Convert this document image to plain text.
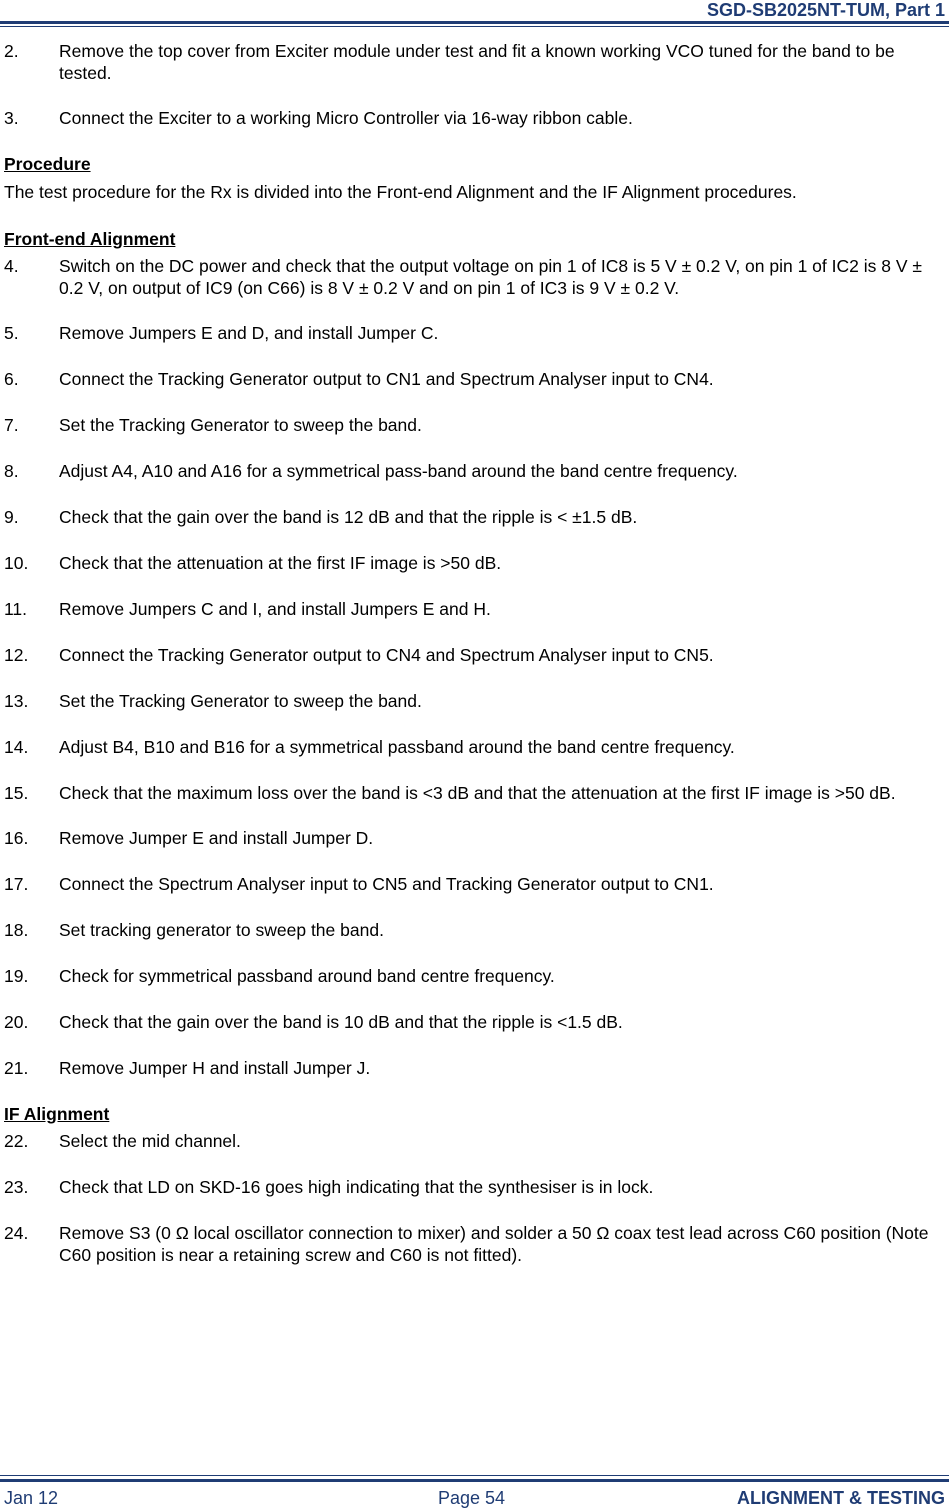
SGD-SB2025NT-TUM, Part 1
2. Remove the top cover from Exciter module under test and fit a known working VCO tuned for the band to be tested.
3. Connect the Exciter to a working Micro Controller via 16-way ribbon cable.
Procedure
The test procedure for the Rx is divided into the Front-end Alignment and the IF Alignment procedures.
Front-end Alignment
4. Switch on the DC power and check that the output voltage on pin 1 of IC8 is 5 V ± 0.2 V, on pin 1 of IC2 is 8 V ± 0.2 V, on output of IC9 (on C66) is 8 V ± 0.2 V and on pin 1 of IC3 is 9 V ± 0.2 V.
5. Remove Jumpers E and D, and install Jumper C.
6. Connect the Tracking Generator output to CN1 and Spectrum Analyser input to CN4.
7. Set the Tracking Generator to sweep the band.
8. Adjust A4, A10 and A16 for a symmetrical pass-band around the band centre frequency.
9. Check that the gain over the band is 12 dB and that the ripple is < ±1.5 dB.
10. Check that the attenuation at the first IF image is >50 dB.
11. Remove Jumpers C and I, and install Jumpers E and H.
12. Connect the Tracking Generator output to CN4 and Spectrum Analyser input to CN5.
13. Set the Tracking Generator to sweep the band.
14. Adjust B4, B10 and B16 for a symmetrical passband around the band centre frequency.
15. Check that the maximum loss over the band is <3 dB and that the attenuation at the first IF image is >50 dB.
16. Remove Jumper E and install Jumper D.
17. Connect the Spectrum Analyser input to CN5 and Tracking Generator output to CN1.
18. Set tracking generator to sweep the band.
19. Check for symmetrical passband around band centre frequency.
20. Check that the gain over the band is 10 dB and that the ripple is <1.5 dB.
21. Remove Jumper H and install Jumper J.
IF Alignment
22. Select the mid channel.
23. Check that LD on SKD-16 goes high indicating that the synthesiser is in lock.
24. Remove S3 (0 Ω local oscillator connection to mixer) and solder a 50 Ω coax test lead across C60 position (Note C60 position is near a retaining screw and C60 is not fitted).
Jan 12	Page 54	ALIGNMENT & TESTING
